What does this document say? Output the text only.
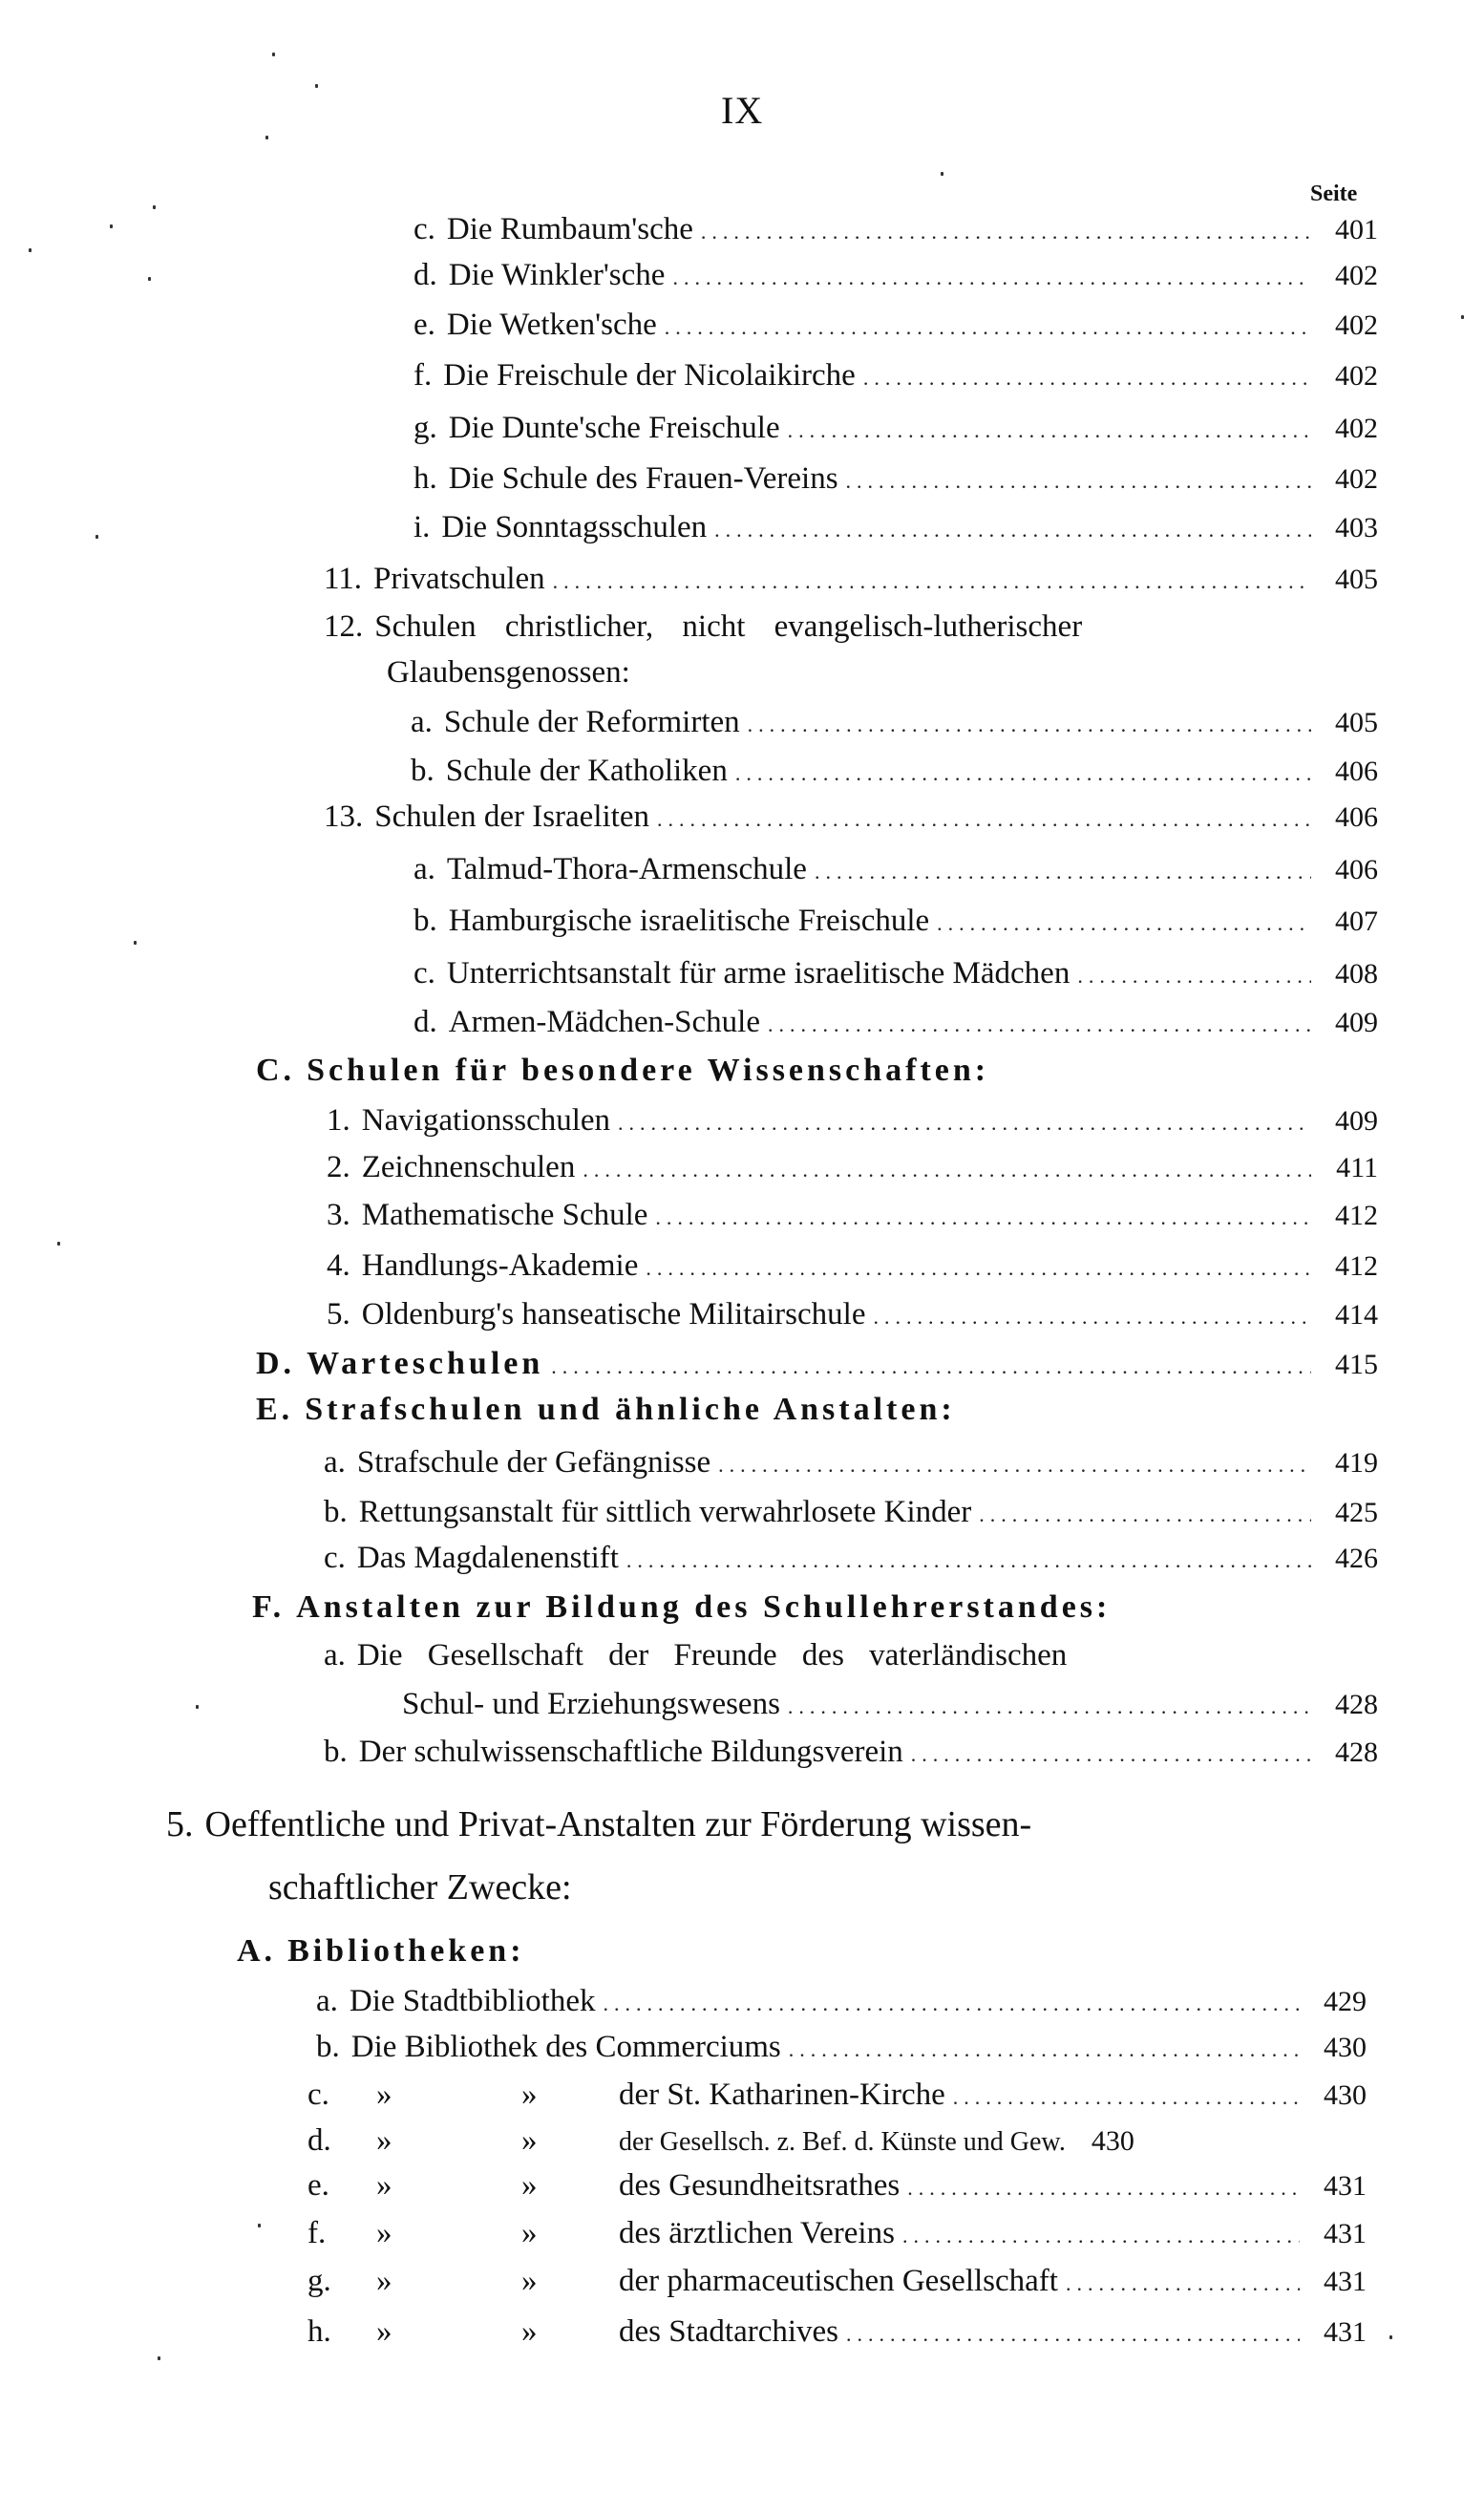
IX
Seite
c. Die Rumbaum'sche .....	401
d. Die Winkler'sche .....	402
e. Die Wetken'sche .....	402
f. Die Freischule der Nicolaikirche .....	402
g. Die Dunte'sche Freischule .....	402
h. Die Schule des Frauen-Vereins .....	402
i. Die Sonntagsschulen .....	403
11. Privatschulen .....	405
12. Schulen christlicher, nicht evangelisch-lutherischer
Glaubensgenossen:
a. Schule der Reformirten .....	405
b. Schule der Katholiken .....	406
13. Schulen der Israeliten .....	406
a. Talmud-Thora-Armenschule .....	406
b. Hamburgische israelitische Freischule .....	407
c. Unterrichtsanstalt für arme israelitische Mädchen .....	408
d. Armen-Mädchen-Schule .....	409
C. Schulen für besondere Wissenschaften:
1. Navigationsschulen .....	409
2. Zeichnenschulen .....	411
3. Mathematische Schule .....	412
4. Handlungs-Akademie .....	412
5. Oldenburg's hanseatische Militairschule .....	414
D. Warteschulen .....	415
E. Strafschulen und ähnliche Anstalten:
a. Strafschule der Gefängnisse .....	419
b. Rettungsanstalt für sittlich verwahrlosete Kinder .....	425
c. Das Magdalenenstift .....	426
F. Anstalten zur Bildung des Schullehrerstandes:
a. Die Gesellschaft der Freunde des vaterländischen
Schul- und Erziehungswesens .....	428
b. Der schulwissenschaftliche Bildungsverein .....	428
5. Oeffentliche und Privat-Anstalten zur Förderung wissen-
schaftlicher Zwecke:
A. Bibliotheken:
a. Die Stadtbibliothek .....	429
b. Die Bibliothek des Commerciums .....	430
c.	»	»	der St. Katharinen-Kirche .....	430
d.	»	»	der Gesellsch. z. Bef. d. Künste und Gew. 430
e.	»	»	des Gesundheitsrathes .....	431
f.	»	»	des ärztlichen Vereins .....	431
g.	»	»	der pharmaceutischen Gesellschaft .....	431
h.	»	»	des Stadtarchives .....	431
